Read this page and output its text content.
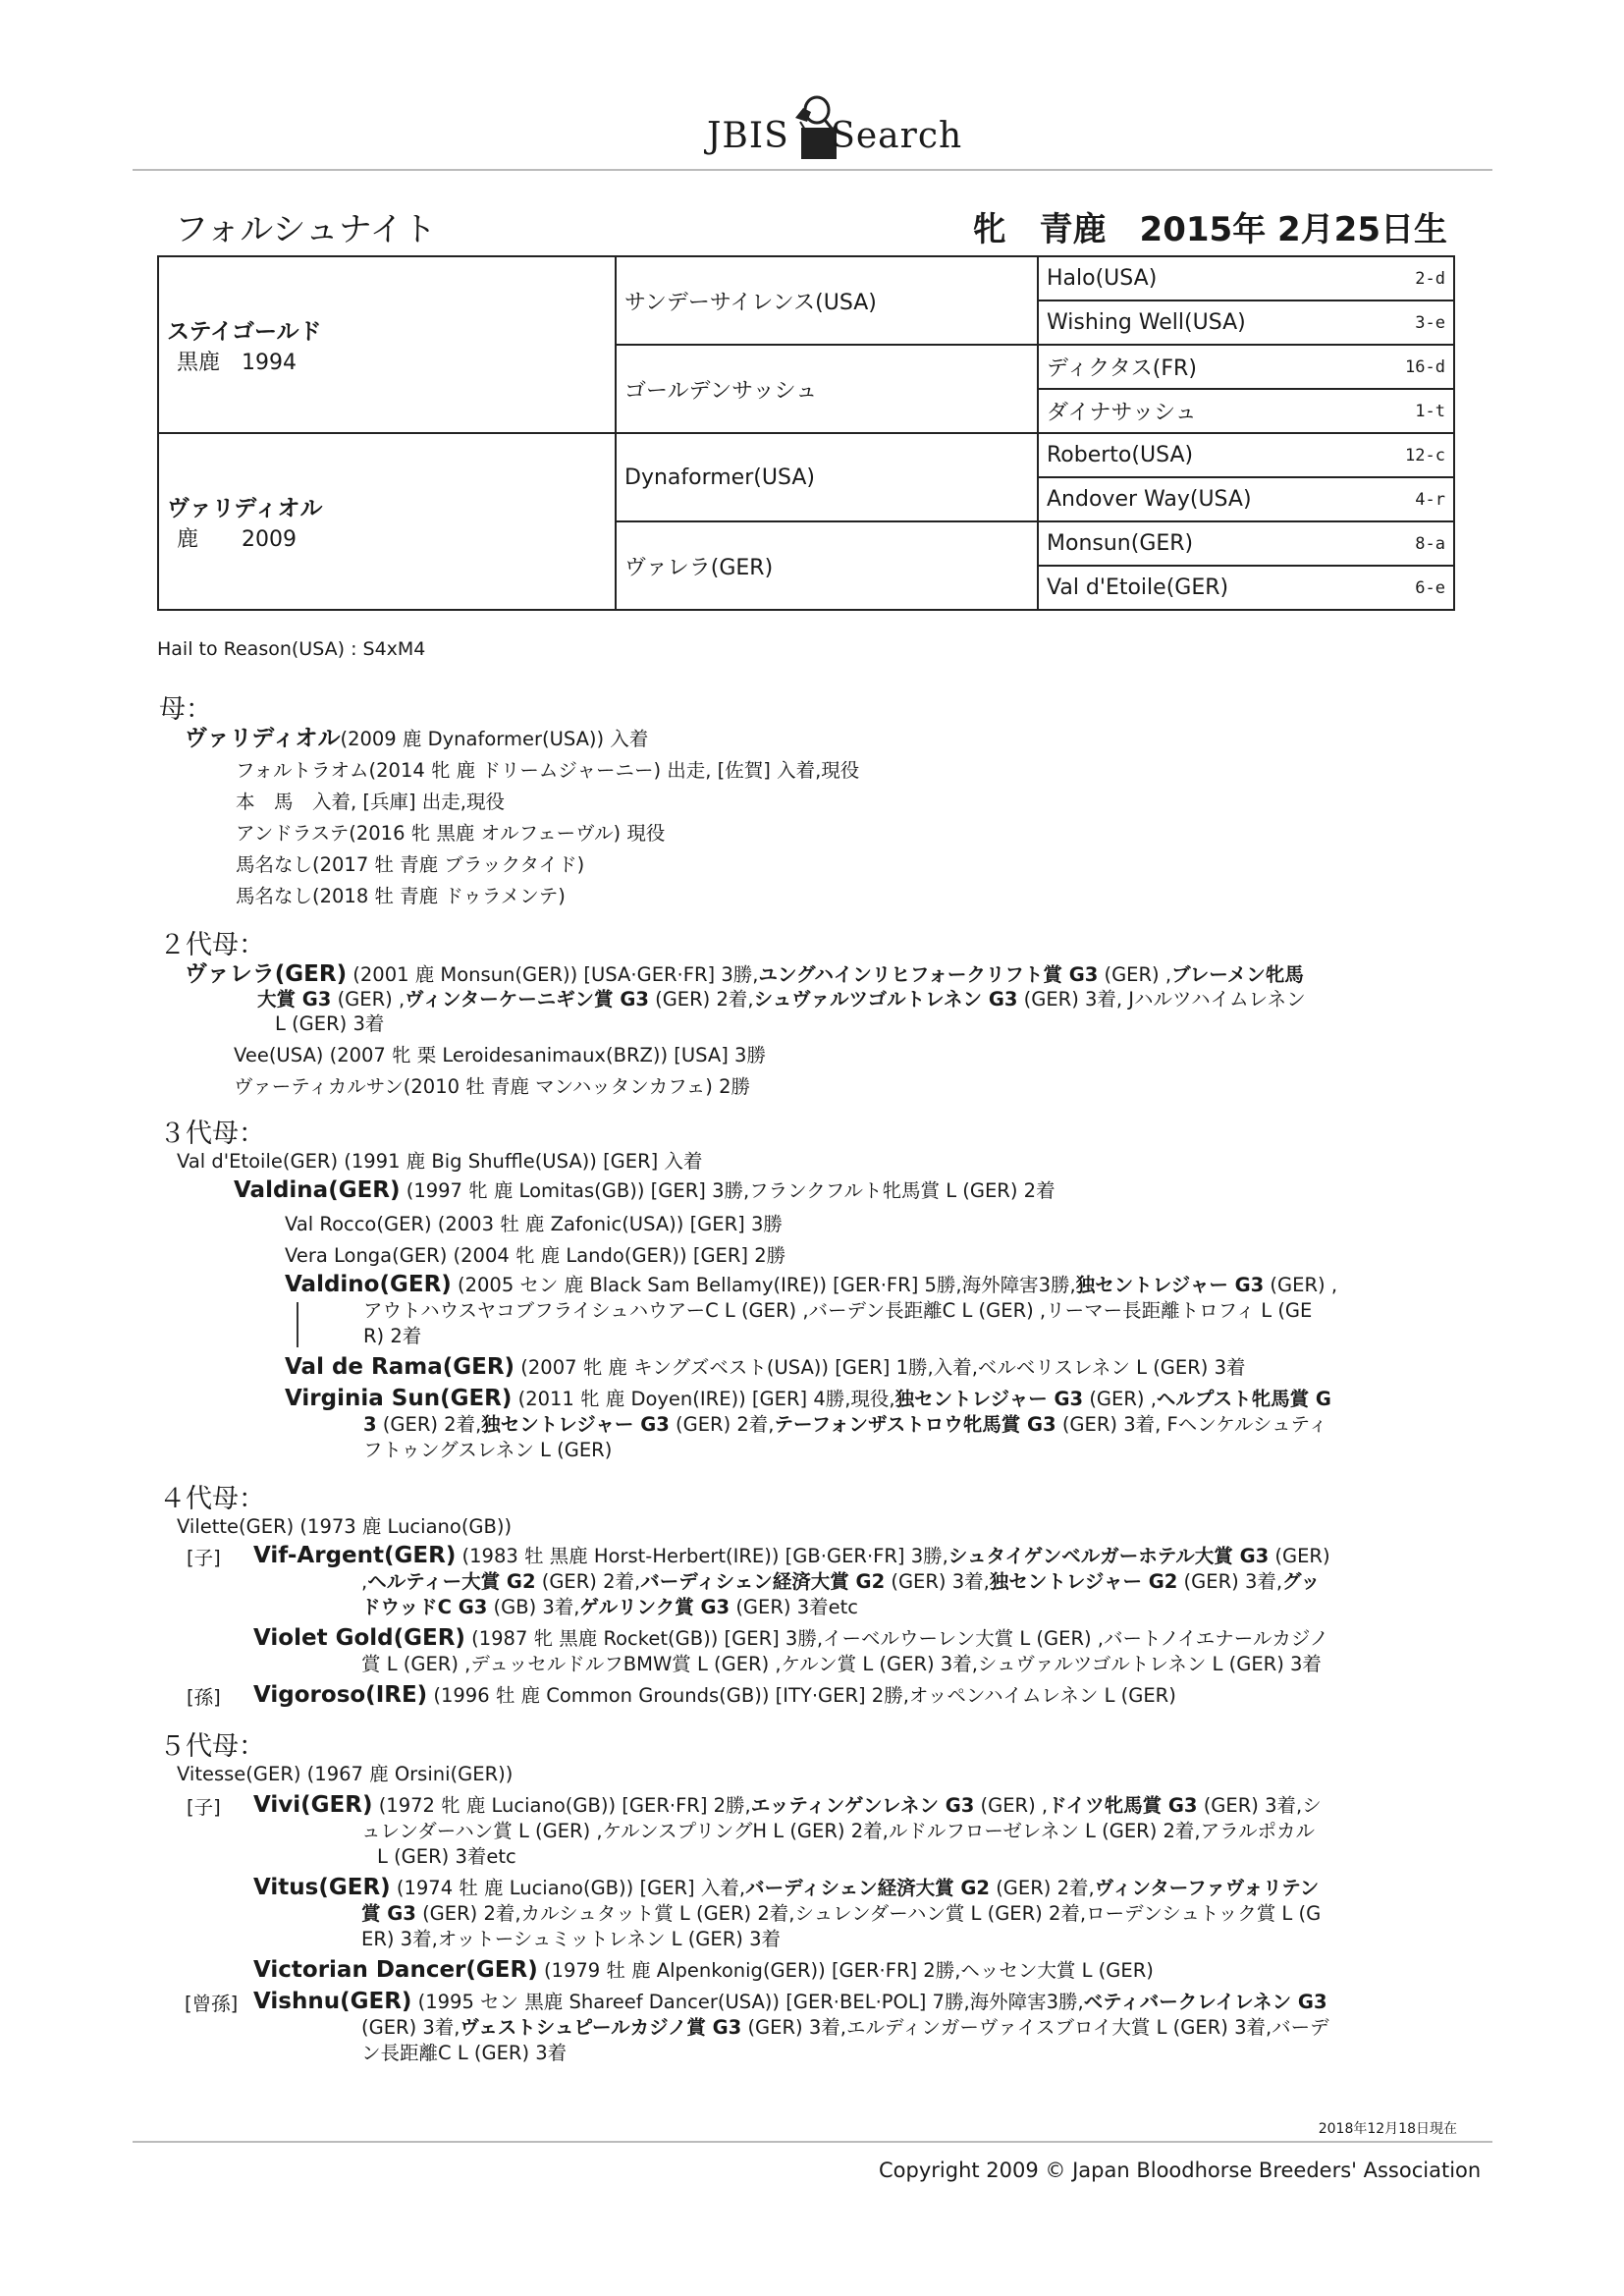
JBIS Search
フォルシュナイト	牝　青鹿　2015年 2月25日生
ステイゴールド
黒鹿　1994	サンデーサイレンス(USA)	Halo(USA) 2-d

		Wishing Well(USA) 3-e

	ゴールデンサッシュ	ディクタス(FR) 16-d

		ダイナサッシュ 1-t

ヴァリディオル
鹿　　2009	Dynaformer(USA)	Roberto(USA) 12-c

		Andover Way(USA) 4-r

	ヴァレラ(GER)	Monsun(GER) 8-a

		Val d'Etoile(GER) 6-e
Hail to Reason(USA) : S4xM4
母：
ヴァリディオル(2009 鹿 Dynaformer(USA)) 入着
フォルトラオム(2014 牝 鹿 ドリームジャーニー) 出走, [佐賀] 入着,現役
本　馬　入着, [兵庫] 出走,現役
アンドラステ(2016 牝 黒鹿 オルフェーヴル) 現役
馬名なし(2017 牡 青鹿 ブラックタイド)
馬名なし(2018 牡 青鹿 ドゥラメンテ)
２代母：
ヴァレラ(GER) (2001 鹿 Monsun(GER)) [USA·GER·FR] 3勝,ユングハインリヒフォークリフト賞 G3 (GER) ,ブレーメン牝馬
大賞 G3 (GER) ,ヴィンターケーニギン賞 G3 (GER) 2着,シュヴァルツゴルトレネン G3 (GER) 3着, Jハルツハイムレネン
L (GER) 3着
Vee(USA) (2007 牝 栗 Leroidesanimaux(BRZ)) [USA] 3勝
ヴァーティカルサン(2010 牡 青鹿 マンハッタンカフェ) 2勝
３代母：
Val d'Etoile(GER) (1991 鹿 Big Shuffle(USA)) [GER] 入着
Valdina(GER) (1997 牝 鹿 Lomitas(GB)) [GER] 3勝,フランクフルト牝馬賞 L (GER) 2着
Val Rocco(GER) (2003 牡 鹿 Zafonic(USA)) [GER] 3勝
Vera Longa(GER) (2004 牝 鹿 Lando(GER)) [GER] 2勝
Valdino(GER) (2005 セン 鹿 Black Sam Bellamy(IRE)) [GER·FR] 5勝,海外障害3勝,独セントレジャー G3 (GER) ,
アウトハウスヤコブフライシュハウアーC L (GER) ,バーデン長距離C L (GER) ,リーマー長距離トロフィ L (GE
R) 2着
Val de Rama(GER) (2007 牝 鹿 キングズベスト(USA)) [GER] 1勝,入着,ベルベリスレネン L (GER) 3着
Virginia Sun(GER) (2011 牝 鹿 Doyen(IRE)) [GER] 4勝,現役,独セントレジャー G3 (GER) ,ヘルプスト牝馬賞 G
3 (GER) 2着,独セントレジャー G3 (GER) 2着,テーフォンザストロウ牝馬賞 G3 (GER) 3着, Fヘンケルシュティ
フトゥングスレネン L (GER)
４代母：
Vilette(GER) (1973 鹿 Luciano(GB))
[子] Vif-Argent(GER) (1983 牡 黒鹿 Horst-Herbert(IRE)) [GB·GER·FR] 3勝,シュタイゲンベルガーホテル大賞 G3 (GER)
,ヘルティー大賞 G2 (GER) 2着,バーディシェン経済大賞 G2 (GER) 3着,独セントレジャー G2 (GER) 3着,グッ
ドウッドC G3 (GB) 3着,ゲルリンク賞 G3 (GER) 3着etc
Violet Gold(GER) (1987 牝 黒鹿 Rocket(GB)) [GER] 3勝,イーベルウーレン大賞 L (GER) ,バートノイエナールカジノ
賞 L (GER) ,デュッセルドルフBMW賞 L (GER) ,ケルン賞 L (GER) 3着,シュヴァルツゴルトレネン L (GER) 3着
[孫] Vigoroso(IRE) (1996 牡 鹿 Common Grounds(GB)) [ITY·GER] 2勝,オッペンハイムレネン L (GER)
５代母：
Vitesse(GER) (1967 鹿 Orsini(GER))
[子] Vivi(GER) (1972 牝 鹿 Luciano(GB)) [GER·FR] 2勝,エッティンゲンレネン G3 (GER) ,ドイツ牝馬賞 G3 (GER) 3着,シ
ュレンダーハン賞 L (GER) ,ケルンスプリングH L (GER) 2着,ルドルフローゼレネン L (GER) 2着,アラルポカル
L (GER) 3着etc
Vitus(GER) (1974 牡 鹿 Luciano(GB)) [GER] 入着,バーディシェン経済大賞 G2 (GER) 2着,ヴィンターファヴォリテン
賞 G3 (GER) 2着,カルシュタット賞 L (GER) 2着,シュレンダーハン賞 L (GER) 2着,ローデンシュトック賞 L (G
ER) 3着,オットーシュミットレネン L (GER) 3着
Victorian Dancer(GER) (1979 牡 鹿 Alpenkonig(GER)) [GER·FR] 2勝,ヘッセン大賞 L (GER)
[曾孫] Vishnu(GER) (1995 セン 黒鹿 Shareef Dancer(USA)) [GER·BEL·POL] 7勝,海外障害3勝,ベティバークレイレネン G3
(GER) 3着,ヴェストシュピールカジノ賞 G3 (GER) 3着,エルディンガーヴァイスブロイ大賞 L (GER) 3着,バーデ
ン長距離C L (GER) 3着
2018年12月18日現在
Copyright 2009 © Japan Bloodhorse Breeders' Association
